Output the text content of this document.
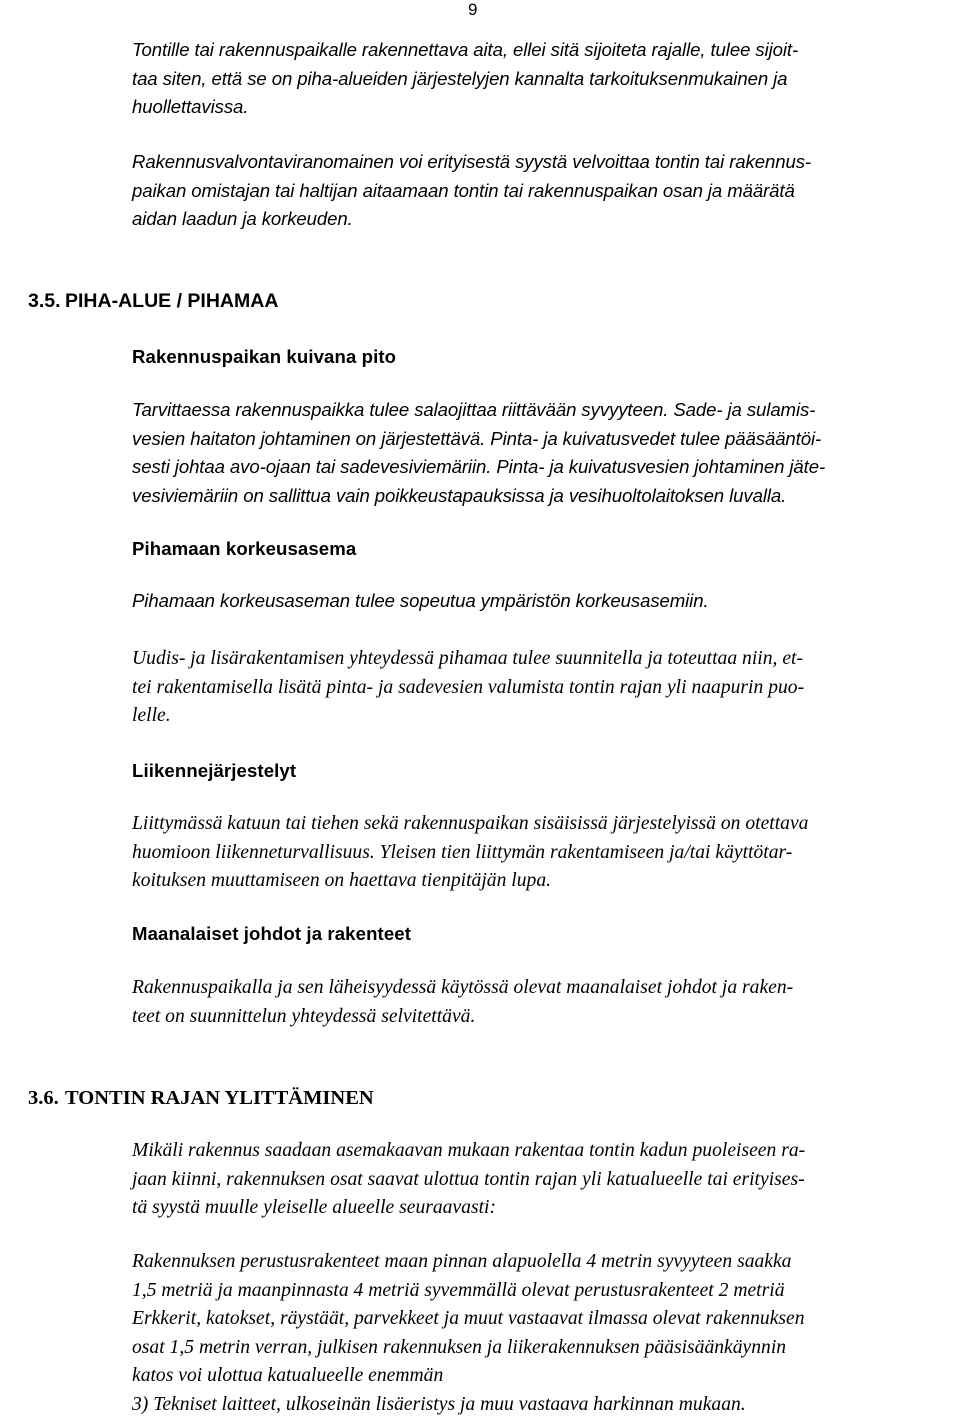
9

Tontille tai rakennuspaikalle rakennettava aita, ellei sitä sijoiteta rajalle, tulee sijoit-
taa siten, että se on piha-alueiden järjestelyjen kannalta tarkoituksenmukainen ja
huollettavissa.

Rakennusvalvontaviranomainen voi erityisestä syystä velvoittaa tontin tai rakennus-
paikan omistajan tai haltijan aitaamaan tontin tai rakennuspaikan osan ja määrätä
aidan laadun ja korkeuden.

3.5. PIHA-ALUE / PIHAMAA
Rakennuspaikan kuivana pito

Tarvittaessa rakennuspaikka tulee salaojittaa riittävään syvyyteen. Sade- ja sulamis-
vesien haitaton johtaminen on järjestettävä. Pinta- ja kuivatusvedet tulee pääsääntöi-
sesti johtaa avo-ojaan tai sadevesiviemäriin. Pinta- ja kuivatusvesien johtaminen jäte-
vesiviemäriin on sallittua vain poikkeustapauksissa ja vesihuoltolaitoksen luvalla.

Pihamaan korkeusasema

Pihamaan korkeusaseman tulee sopeutua ympäristön korkeusasemiin.

Uudis- ja lisärakentamisen yhteydessä pihamaa tulee suunnitella ja toteuttaa niin, et-
tei rakentamisella lisätä pinta- ja sadevesien valumista tontin rajan yli naapurin puo-
lelle.

Liikennejärjestelyt

Liittymässä katuun tai tiehen sekä rakennuspaikan sisäisissä järjestelyissä on otettava
huomioon liikenneturvallisuus. Yleisen tien liittymän rakentamiseen ja/tai käyttötar-
koituksen muuttamiseen on haettava tienpitäjän lupa.

Maanalaiset johdot ja rakenteet

Rakennuspaikalla ja sen läheisyydessä käytössä olevat maanalaiset johdot ja raken-
teet on suunnittelun yhteydessä selvitettävä.

3.6. TONTIN RAJAN YLITTÄMINEN

Mikäli rakennus saadaan asemakaavan mukaan rakentaa tontin kadun puoleiseen ra-
jaan kiinni, rakennuksen osat saavat ulottua tontin rajan yli katualueelle tai erityises-
tä syystä muulle yleiselle alueelle seuraavasti:

Rakennuksen perustusrakenteet maan pinnan alapuolella 4 metrin syvyyteen saakka
1,5 metriä ja maanpinnasta 4 metriä syvemmällä olevat perustusrakenteet 2 metriä
Erkkerit, katokset, räystäät, parvekkeet ja muut vastaavat ilmassa olevat rakennuksen
osat 1,5 metrin verran, julkisen rakennuksen ja liikerakennuksen pääsisäänkäynnin
katos voi ulottua katualueelle enemmän
3) Tekniset laitteet, ulkoseinän lisäeristys ja muu vastaava harkinnan mukaan.
